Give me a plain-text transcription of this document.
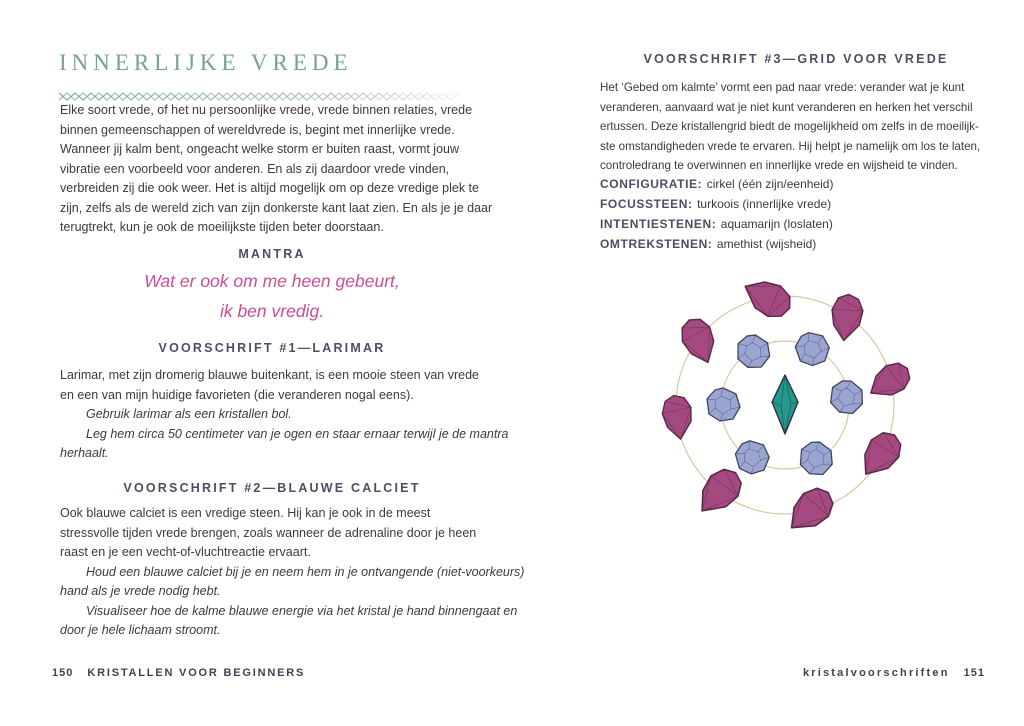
INNERLIJKE VREDE
Elke soort vrede, of het nu persoonlijke vrede, vrede binnen relaties, vrede
binnen gemeenschappen of wereldvrede is, begint met innerlijke vrede.
Wanneer jij kalm bent, ongeacht welke storm er buiten raast, vormt jouw
vibratie een voorbeeld voor anderen. En als zij daardoor vrede vinden,
verbreiden zij die ook weer. Het is altijd mogelijk om op deze vredige plek te
zijn, zelfs als de wereld zich van zijn donkerste kant laat zien. En als je je daar
terugtrekt, kun je ook de moeilijkste tijden beter doorstaan.
MANTRA
Wat er ook om me heen gebeurt,
ik ben vredig.
VOORSCHRIFT #1—LARIMAR
Larimar, met zijn dromerig blauwe buitenkant, is een mooie steen van vrede
en een van mijn huidige favorieten (die veranderen nogal eens).
Gebruik larimar als een kristallen bol.
Leg hem circa 50 centimeter van je ogen en staar ernaar terwijl je de mantra
herhaalt.
VOORSCHRIFT #2—BLAUWE CALCIET
Ook blauwe calciet is een vredige steen. Hij kan je ook in de meest
stressvolle tijden vrede brengen, zoals wanneer de adrenaline door je heen
raast en je een vecht-of-vluchtreactie ervaart.
Houd een blauwe calciet bij je en neem hem in je ontvangende (niet-voorkeurs)
hand als je vrede nodig hebt.
Visualiseer hoe de kalme blauwe energie via het kristal je hand binnengaat en
door je hele lichaam stroomt.
150 KRISTALLEN VOOR BEGINNERS
VOORSCHRIFT #3—GRID VOOR VREDE
Het ‘Gebed om kalmte’ vormt een pad naar vrede: verander wat je kunt
veranderen, aanvaard wat je niet kunt veranderen en herken het verschil
ertussen. Deze kristallengrid biedt de mogelijkheid om zelfs in de moeilijk-
ste omstandigheden vrede te ervaren. Hij helpt je namelijk om los te laten,
controledrang te overwinnen en innerlijke vrede en wijsheid te vinden.
CONFIGURATIE: cirkel (één zijn/eenheid)
FOCUSSTEEN: turkoois (innerlijke vrede)
INTENTIESTENEN: aquamarijn (loslaten)
OMTREKSTENEN: amethist (wijsheid)
kristalvoorschriften 151
